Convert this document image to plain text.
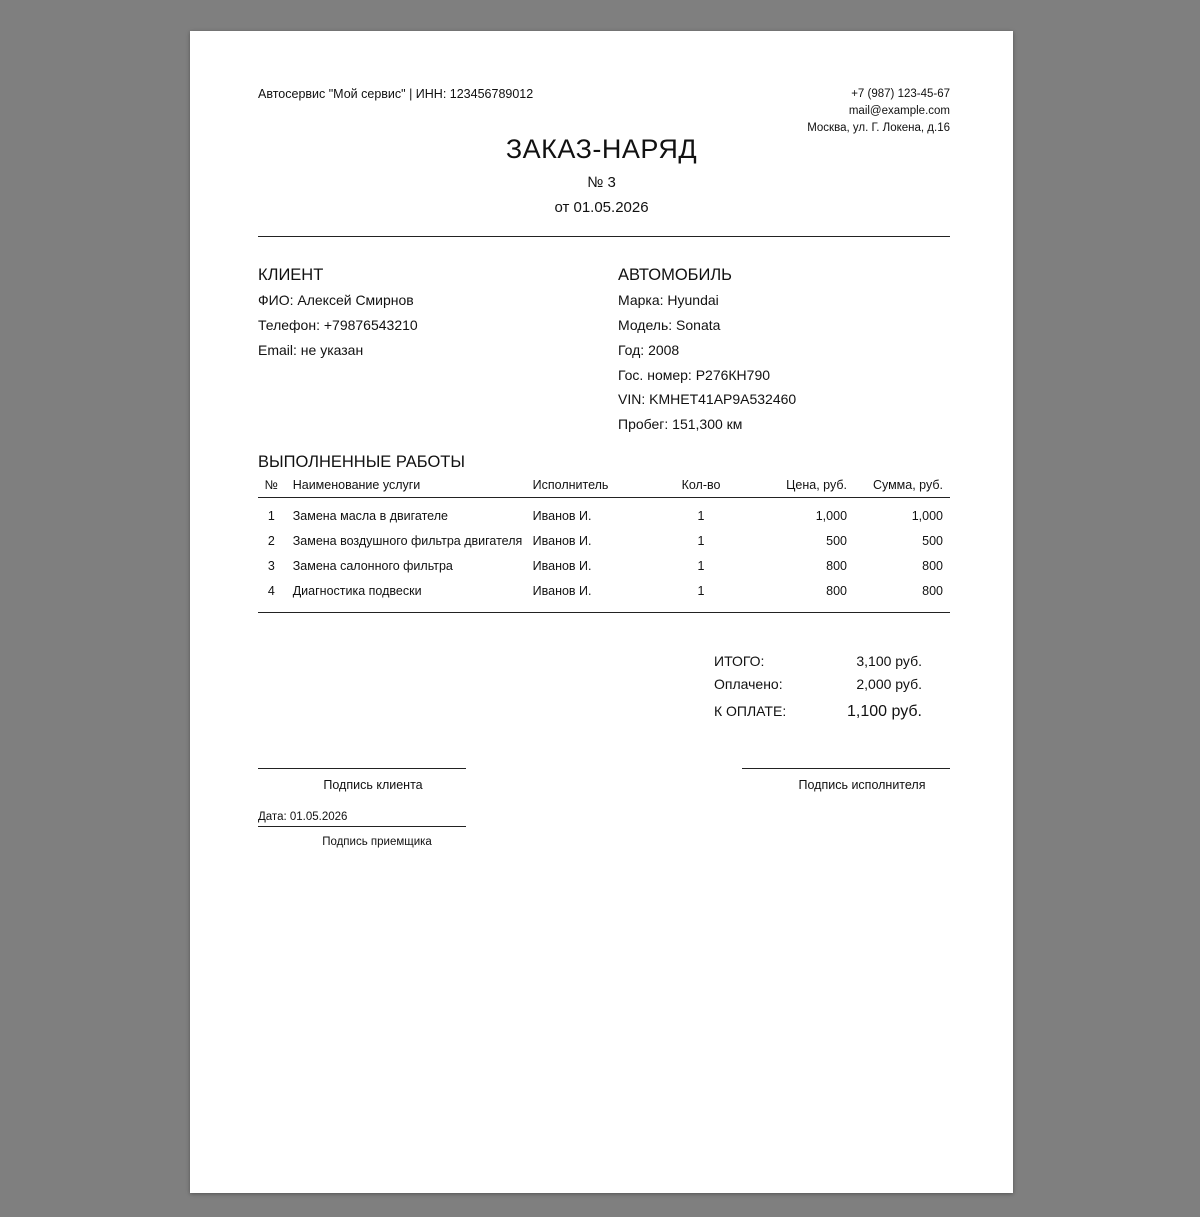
Автосервис "Мой сервис" | ИНН: 123456789012	+7 (987) 123-45-67
mail@example.com
Москва, ул. Г. Локена, д.16
ЗАКАЗ-НАРЯД
№ 3
от 01.05.2026
КЛИЕНТ
ФИО: Алексей Смирнов
Телефон: +79876543210
Email: не указан
АВТОМОБИЛЬ
Марка: Hyundai
Модель: Sonata
Год: 2008
Гос. номер: Р276КН790
VIN: KMHET41AP9A532460
Пробег: 151,300 км
ВЫПОЛНЕННЫЕ РАБОТЫ
№	Наименование услуги	Исполнитель	Кол-во	Цена, руб.	Сумма, руб.
1	Замена масла в двигателе	Иванов И.	1	1,000	1,000
2	Замена воздушного фильтра двигателя	Иванов И.	1	500	500
3	Замена салонного фильтра	Иванов И.	1	800	800
4	Диагностика подвески	Иванов И.	1	800	800
ИТОГО:	3,100 руб.
Оплачено:	2,000 руб.
К ОПЛАТЕ:	1,100 руб.
Подпись клиента	Подпись исполнителя
Дата: 01.05.2026
Подпись приемщика
